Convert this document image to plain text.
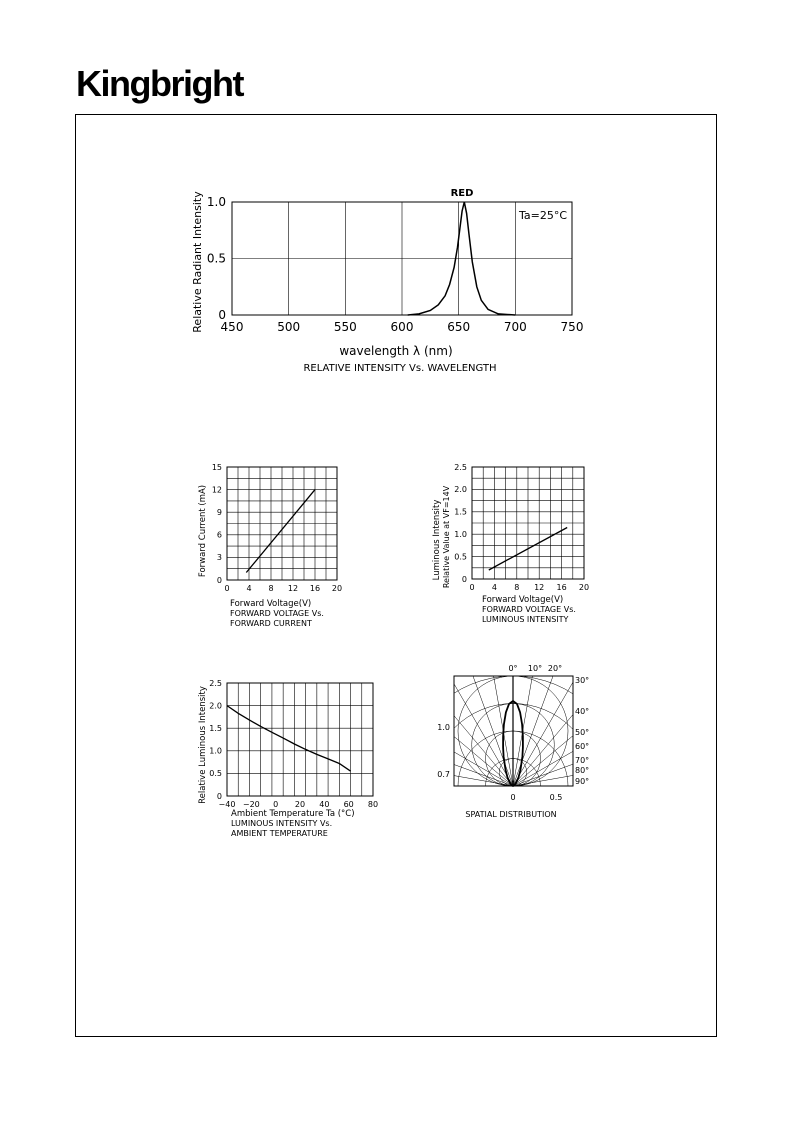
Kingbright
450	500	550	600	650	700	750
0
0.5
1.0
RED
Ta=25°C
wavelength λ (nm)
RELATIVE INTENSITY Vs. WAVELENGTH
Relative Radiant Intensity
0 4 8 12 16 20
0
3
6
9
12
15
Forward Voltage(V)
FORWARD VOLTAGE Vs. FORWARD CURRENT
Forward Current (mA)
0 4 8 12 16 20
0
0.5
1.0
1.5
2.0
2.5
Forward Voltage(V)
FORWARD VOLTAGE Vs. LUMINOUS INTENSITY
Luminous Intensity Relative Value at VF=14V
−40 −20 0 20 40 60 80
0
0.5
1.0
1.5
2.0
2.5
Ambient Temperature Ta (°C)
LUMINOUS INTENSITY Vs. AMBIENT TEMPERATURE
Relative Luminous Intensity
0° 10° 20°
30°
40°
50°
60°
70°
80°
90°
1.0
0.7
0	0.5
SPATIAL DISTRIBUTION
